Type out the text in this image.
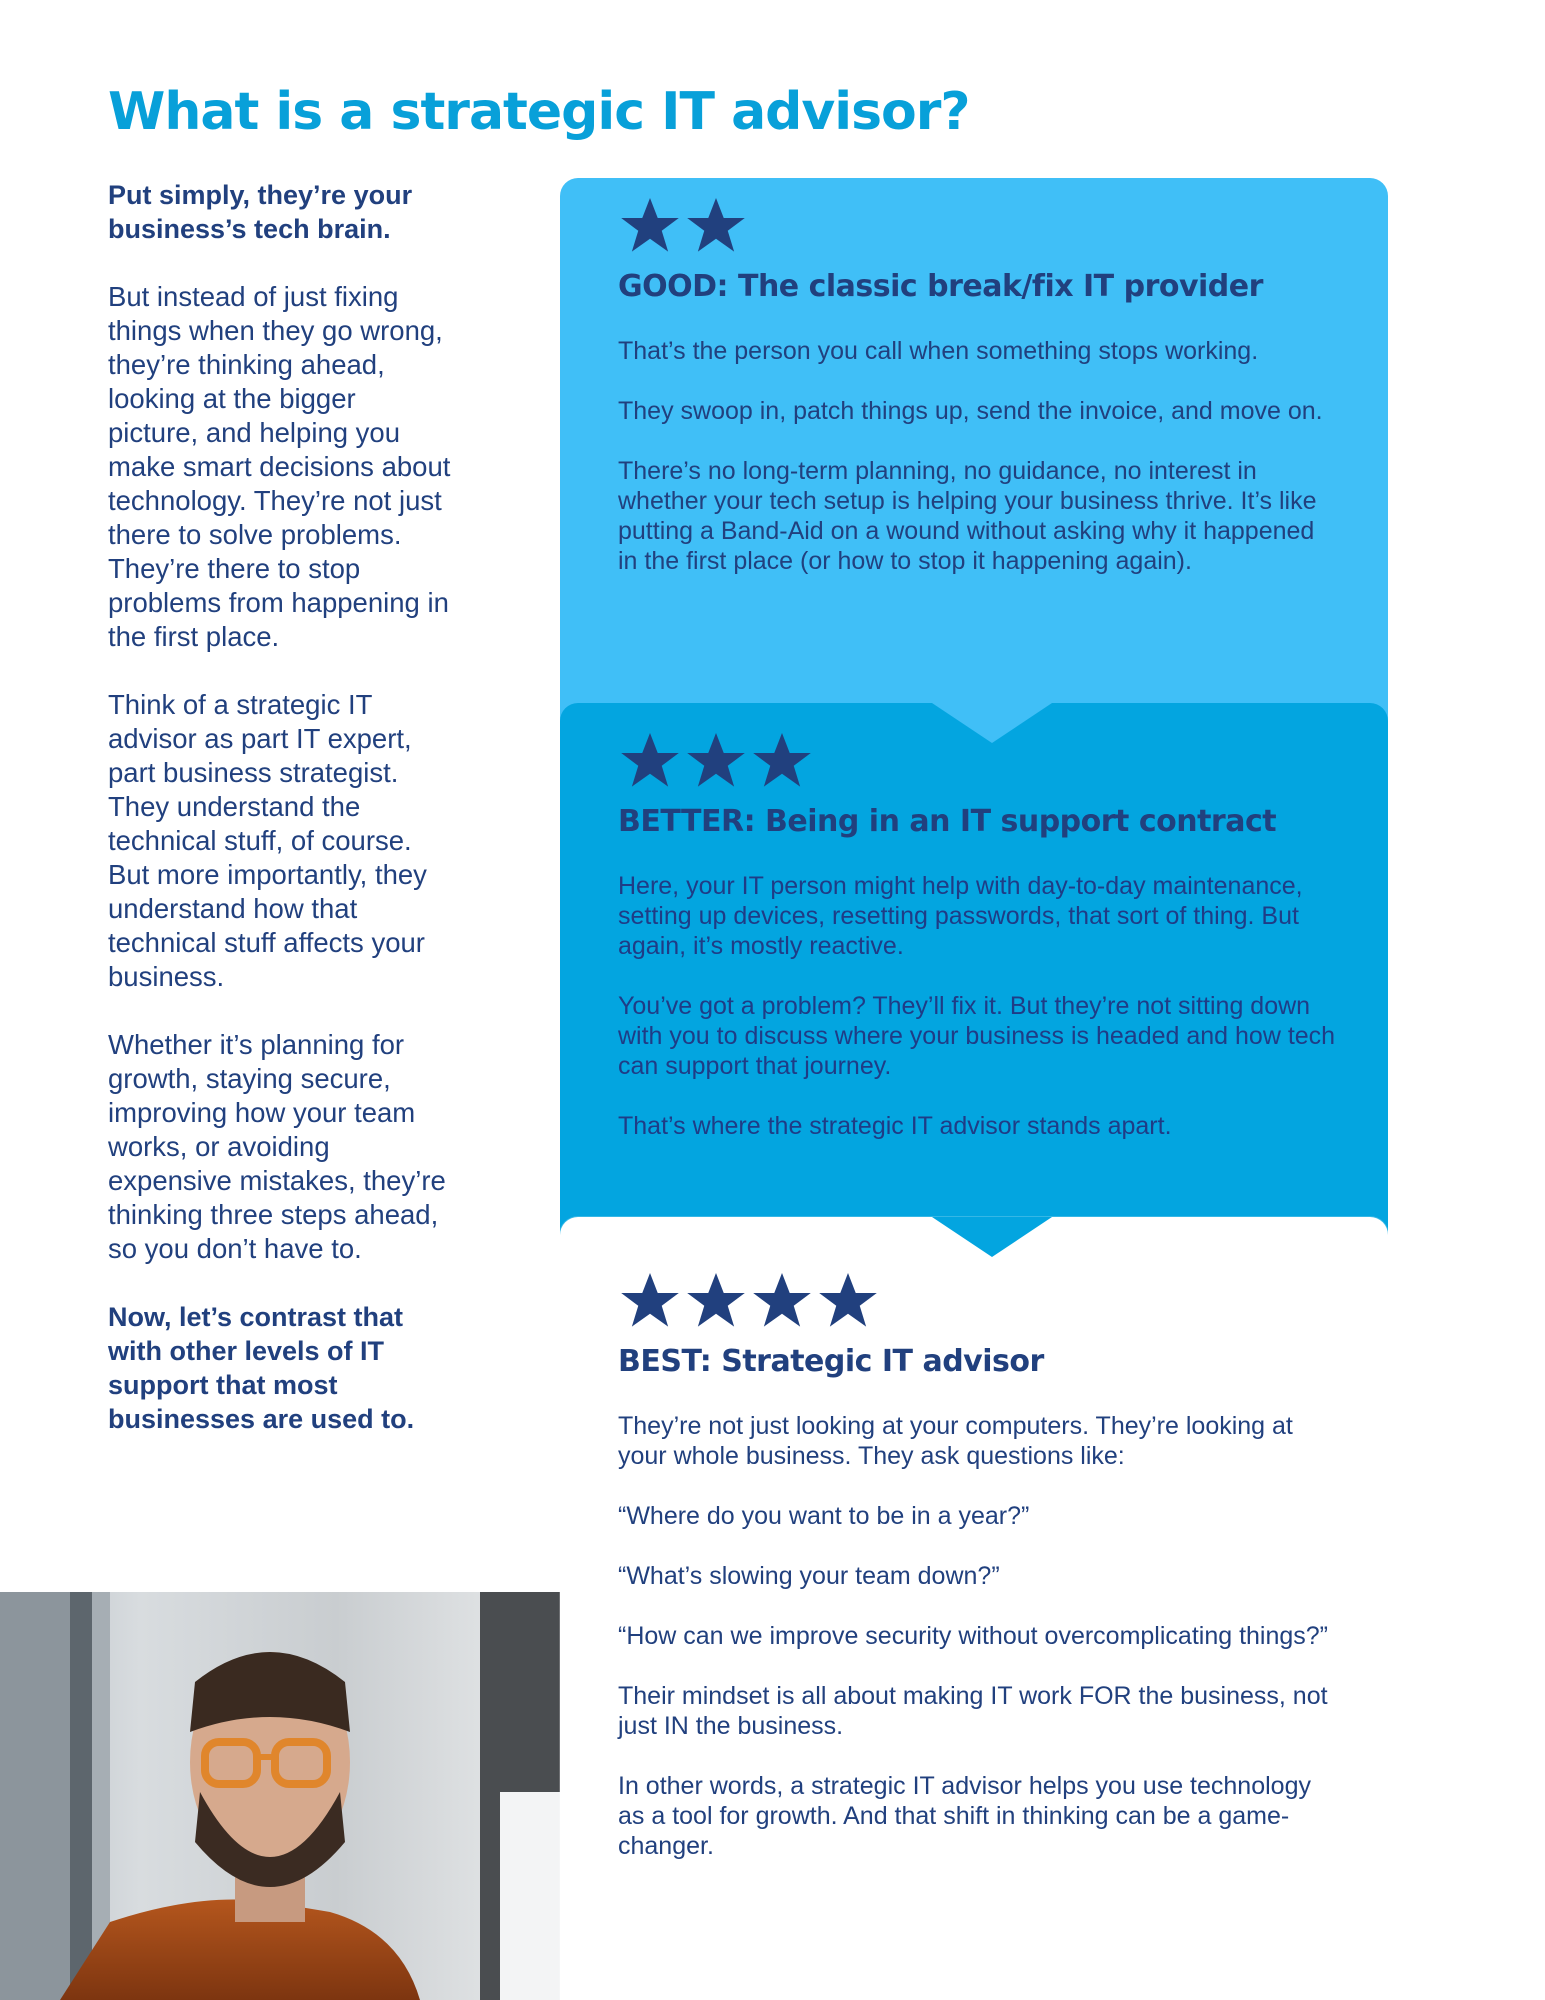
What is a strategic IT advisor?

Put simply, they’re your business’s tech brain.

But instead of just fixing things when they go wrong, they’re thinking ahead, looking at the bigger picture, and helping you make smart decisions about technology. They’re not just there to solve problems. They’re there to stop problems from happening in the first place.

Think of a strategic IT advisor as part IT expert, part business strategist. They understand the technical stuff, of course. But more importantly, they understand how that technical stuff affects your business.

Whether it’s planning for growth, staying secure, improving how your team works, or avoiding expensive mistakes, they’re thinking three steps ahead, so you don’t have to.

Now, let’s contrast that with other levels of IT support that most businesses are used to.

GOOD: The classic break/fix IT provider

That’s the person you call when something stops working.

They swoop in, patch things up, send the invoice, and move on.

There’s no long-term planning, no guidance, no interest in whether your tech setup is helping your business thrive. It’s like putting a Band-Aid on a wound without asking why it happened in the first place (or how to stop it happening again).

BETTER: Being in an IT support contract

Here, your IT person might help with day-to-day maintenance, setting up devices, resetting passwords, that sort of thing. But again, it’s mostly reactive.

You’ve got a problem? They’ll fix it. But they’re not sitting down with you to discuss where your business is headed and how tech can support that journey.

That’s where the strategic IT advisor stands apart.

BEST: Strategic IT advisor

They’re not just looking at your computers. They’re looking at your whole business. They ask questions like:

“Where do you want to be in a year?”

“What’s slowing your team down?”

“How can we improve security without overcomplicating things?”

Their mindset is all about making IT work FOR the business, not just IN the business.

In other words, a strategic IT advisor helps you use technology as a tool for growth. And that shift in thinking can be a game-changer.
